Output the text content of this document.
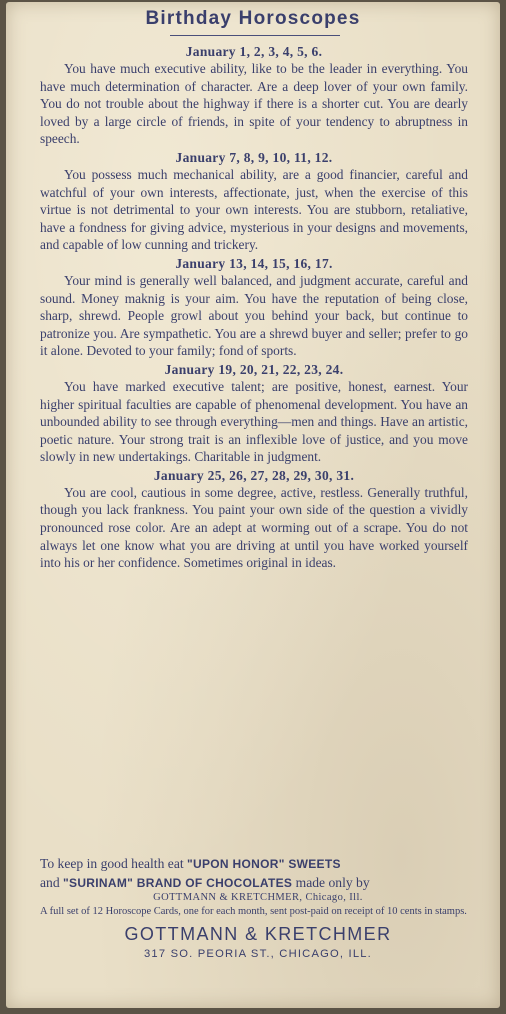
Birthday Horoscopes
January 1, 2, 3, 4, 5, 6.
You have much executive ability, like to be the leader in everything. You have much determination of character. Are a deep lover of your own family. You do not trouble about the highway if there is a shorter cut. You are dearly loved by a large circle of friends, in spite of your tendency to abruptness in speech.
January 7, 8, 9, 10, 11, 12.
You possess much mechanical ability, are a good financier, careful and watchful of your own interests, affectionate, just, when the exercise of this virtue is not detrimental to your own interests. You are stubborn, retaliative, have a fondness for giving advice, mysterious in your designs and movements, and capable of low cunning and trickery.
January 13, 14, 15, 16, 17.
Your mind is generally well balanced, and judgment accurate, careful and sound. Money maknig is your aim. You have the reputation of being close, sharp, shrewd. People growl about you behind your back, but continue to patronize you. Are sympathetic. You are a shrewd buyer and seller; prefer to go it alone. Devoted to your family; fond of sports.
January 19, 20, 21, 22, 23, 24.
You have marked executive talent; are positive, honest, earnest. Your higher spiritual faculties are capable of phenomenal development. You have an unbounded ability to see through everything—men and things. Have an artistic, poetic nature. Your strong trait is an inflexible love of justice, and you move slowly in new undertakings. Charitable in judgment.
January 25, 26, 27, 28, 29, 30, 31.
You are cool, cautious in some degree, active, restless. Generally truthful, though you lack frankness. You paint your own side of the question a vividly pronounced rose color. Are an adept at worming out of a scrape. You do not always let one know what you are driving at until you have worked yourself into his or her confidence. Sometimes original in ideas.
To keep in good health eat "UPON HONOR" SWEETS
and "SURINAM" BRAND OF CHOCOLATES made only by
GOTTMANN & KRETCHMER, Chicago, Ill.
A full set of 12 Horoscope Cards, one for each month, sent post-paid on receipt of 10 cents in stamps.
GOTTMANN & KRETCHMER
317 SO. PEORIA ST., CHICAGO, ILL.
